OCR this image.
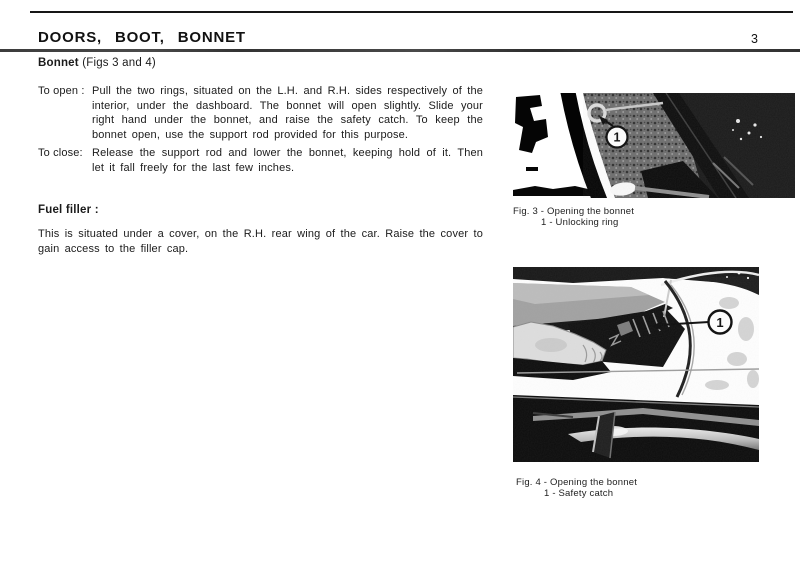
DOORS, BOOT, BONNET	3
Bonnet (Figs 3 and 4)
To open : Pull the two rings, situated on the L.H. and R.H. sides respectively of the interior, under the dashboard. The bonnet will open slightly. Slide your right hand under the bonnet, and raise the safety catch. To keep the bonnet open, use the support rod provided for this purpose.
To close: Release the support rod and lower the bonnet, keeping hold of it. Then let it fall freely for the last few inches.
Fuel filler :
This is situated under a cover, on the R.H. rear wing of the car. Raise the cover to gain access to the filler cap.
1
Fig. 3 - Opening the bonnet
1 - Unlocking ring
1
Fig. 4 - Opening the bonnet
1 - Safety catch
